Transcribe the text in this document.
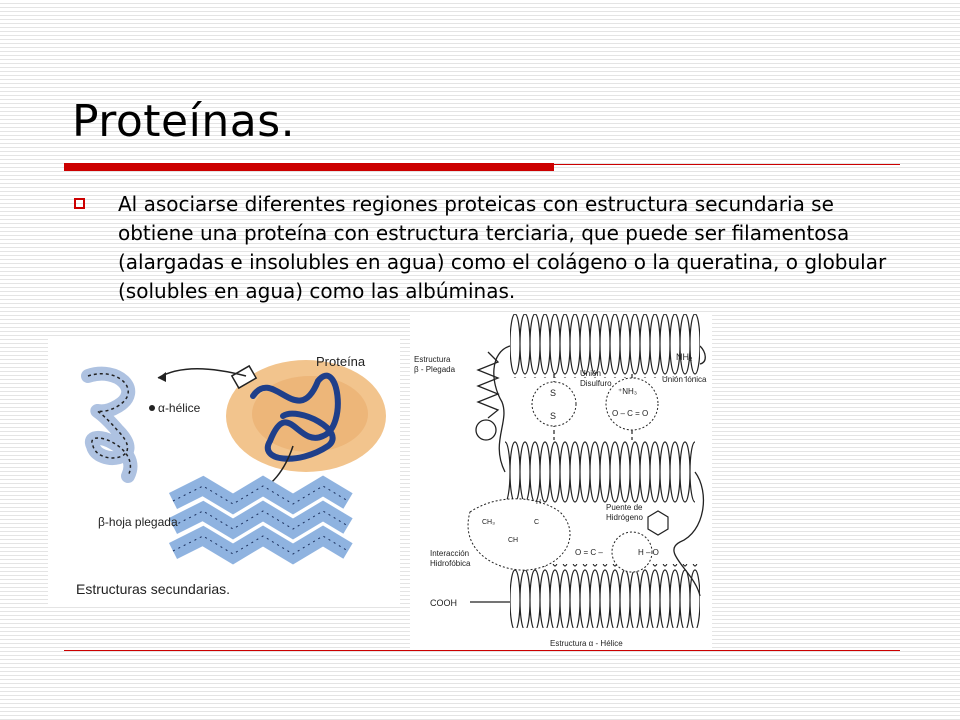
Proteínas.

Al asociarse diferentes regiones proteicas con estructura secundaria se obtiene una proteína con estructura terciaria, que puede ser filamentosa (alargadas e insolubles en agua) como el colágeno o la queratina, o globular (solubles en agua) como las albúminas.

Proteína
α-hélice
β-hoja plegada
Estructuras secundarias.
Estructura
β - Plegada
S
S
Unión
Disulfuro
⁺NH₃
O – C = O
Unión Iónica
NH₂
H
C
CH₃
CH
Interacción
Hidrofóbica
O = C –	H – O
Puente de
Hidrógeno
COOH
Estructura α - Hélice
